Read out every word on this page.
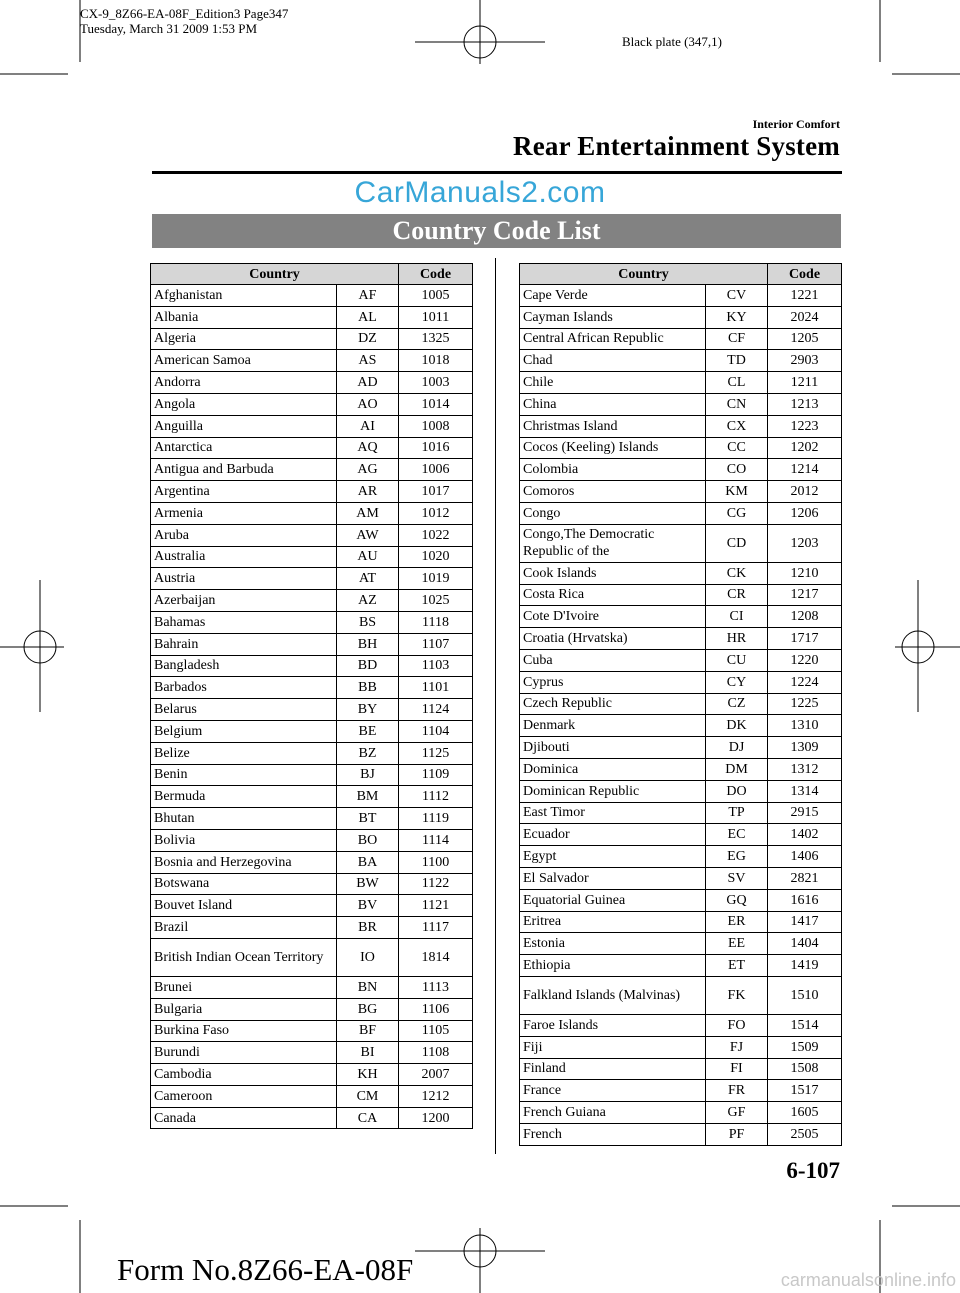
CX-9_8Z66-EA-08F_Edition3 Page347
Tuesday, March 31 2009 1:53 PM
Black plate (347,1)
Interior Comfort
Rear Entertainment System
CarManuals2.com
Country Code List
Country		Code
Afghanistan	AF	1005
Albania	AL	1011
Algeria	DZ	1325
American Samoa	AS	1018
Andorra	AD	1003
Angola	AO	1014
Anguilla	AI	1008
Antarctica	AQ	1016
Antigua and Barbuda	AG	1006
Argentina	AR	1017
Armenia	AM	1012
Aruba	AW	1022
Australia	AU	1020
Austria	AT	1019
Azerbaijan	AZ	1025
Bahamas	BS	1118
Bahrain	BH	1107
Bangladesh	BD	1103
Barbados	BB	1101
Belarus	BY	1124
Belgium	BE	1104
Belize	BZ	1125
Benin	BJ	1109
Bermuda	BM	1112
Bhutan	BT	1119
Bolivia	BO	1114
Bosnia and Herzegovina	BA	1100
Botswana	BW	1122
Bouvet Island	BV	1121
Brazil	BR	1117
British Indian Ocean Territory	IO	1814
Brunei	BN	1113
Bulgaria	BG	1106
Burkina Faso	BF	1105
Burundi	BI	1108
Cambodia	KH	2007
Cameroon	CM	1212
Canada	CA	1200
Country		Code
Cape Verde	CV	1221
Cayman Islands	KY	2024
Central African Republic	CF	1205
Chad	TD	2903
Chile	CL	1211
China	CN	1213
Christmas Island	CX	1223
Cocos (Keeling) Islands	CC	1202
Colombia	CO	1214
Comoros	KM	2012
Congo	CG	1206
Congo,The Democratic Republic of the	CD	1203
Cook Islands	CK	1210
Costa Rica	CR	1217
Cote D'Ivoire	CI	1208
Croatia (Hrvatska)	HR	1717
Cuba	CU	1220
Cyprus	CY	1224
Czech Republic	CZ	1225
Denmark	DK	1310
Djibouti	DJ	1309
Dominica	DM	1312
Dominican Republic	DO	1314
East Timor	TP	2915
Ecuador	EC	1402
Egypt	EG	1406
El Salvador	SV	2821
Equatorial Guinea	GQ	1616
Eritrea	ER	1417
Estonia	EE	1404
Ethiopia	ET	1419
Falkland Islands (Malvinas)	FK	1510
Faroe Islands	FO	1514
Fiji	FJ	1509
Finland	FI	1508
France	FR	1517
French Guiana	GF	1605
French	PF	2505
6-107
Form No.8Z66-EA-08F	carmanualsonline.info
